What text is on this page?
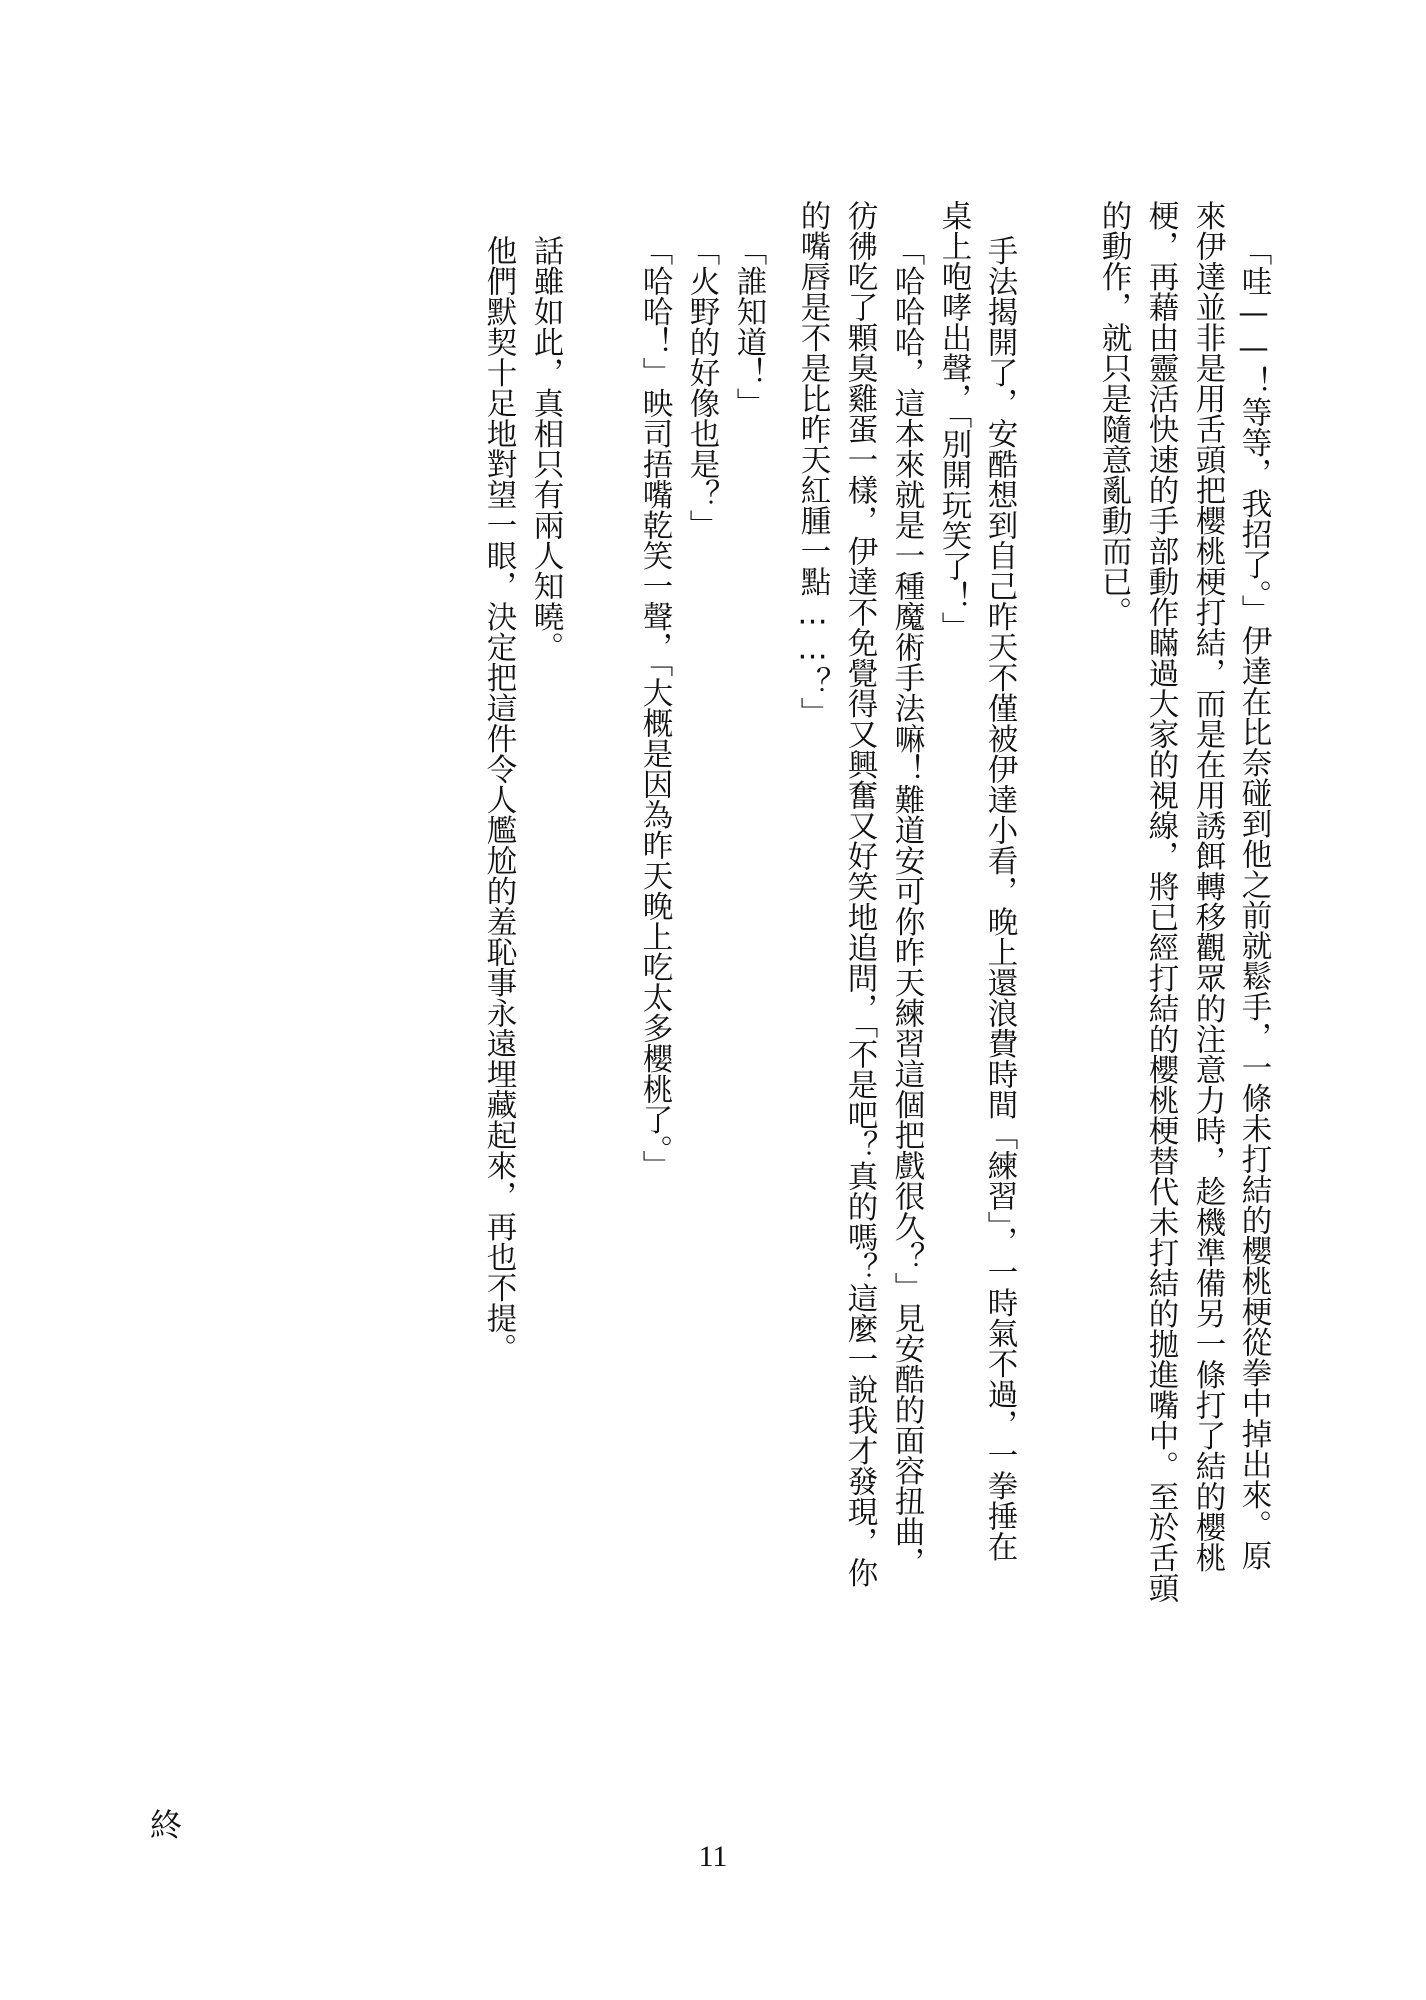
「哇——！等等，我招了。」伊達在比奈碰到他之前就鬆手，一條未打結的櫻桃梗從拳中掉出來。原
來伊達並非是用舌頭把櫻桃梗打結，而是在用誘餌轉移觀眾的注意力時，趁機準備另一條打了結的櫻桃
梗，再藉由靈活快速的手部動作瞞過大家的視線，將已經打結的櫻桃梗替代未打結的拋進嘴中。至於舌頭
的動作，就只是隨意亂動而已。
手法揭開了，安酷想到自己昨天不僅被伊達小看，晚上還浪費時間「練習」，一時氣不過，一拳捶在
桌上咆哮出聲，「別開玩笑了！」
「哈哈哈，這本來就是一種魔術手法嘛！難道安可你昨天練習這個把戲很久？」見安酷的面容扭曲，
彷彿吃了顆臭雞蛋一樣，伊達不免覺得又興奮又好笑地追問，「不是吧？真的嗎？這麼一說我才發現，你
的嘴唇是不是比昨天紅腫一點……？」
「誰知道！」
「火野的好像也是？」
「哈哈！」映司捂嘴乾笑一聲，「大概是因為昨天晚上吃太多櫻桃了。」
話雖如此，真相只有兩人知曉。
他們默契十足地對望一眼，決定把這件令人尷尬的羞恥事永遠埋藏起來，再也不提。
終
11
